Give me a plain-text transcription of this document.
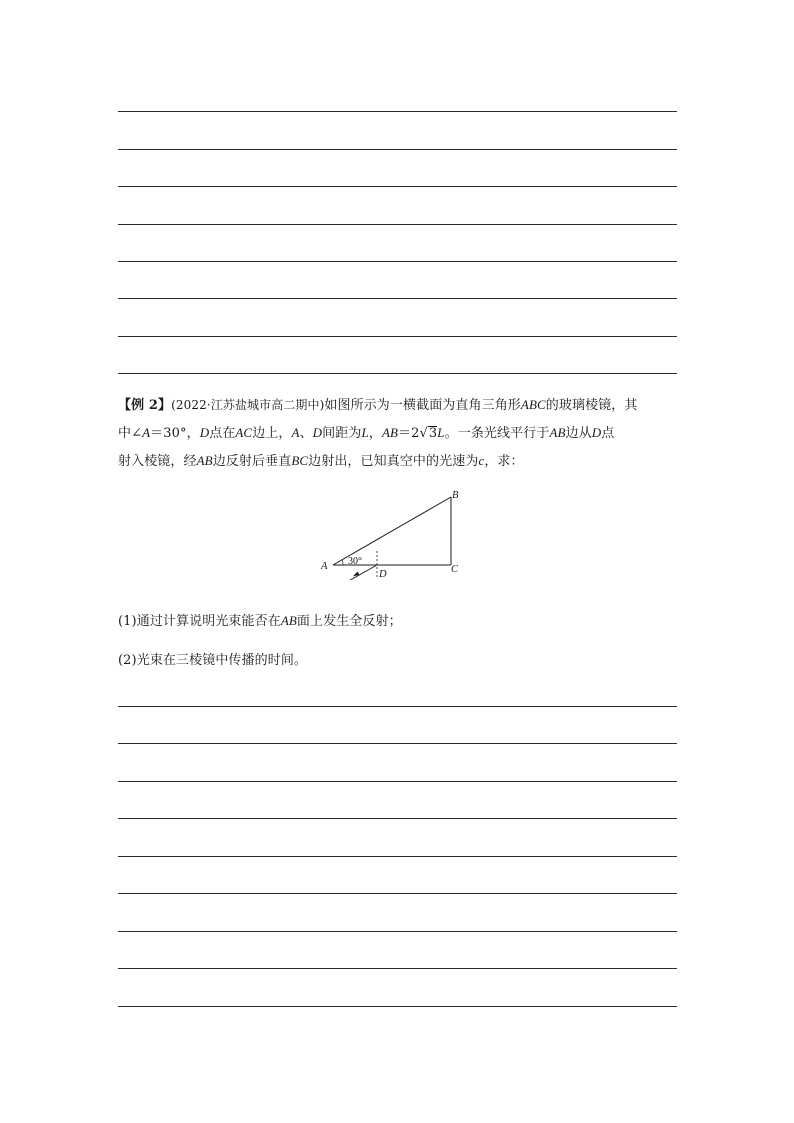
【例 2】(2022·江苏盐城市高二期中)如图所示为一横截面为直角三角形ABC的玻璃棱镜，其
中∠A＝30°，D点在AC边上，A、D间距为L，AB＝2√3L。一条光线平行于AB边从D点
射入棱镜，经AB边反射后垂直BC边射出，已知真空中的光速为c，求：
A
B
C
D
30°
(1)通过计算说明光束能否在AB面上发生全反射；
(2)光束在三棱镜中传播的时间。
